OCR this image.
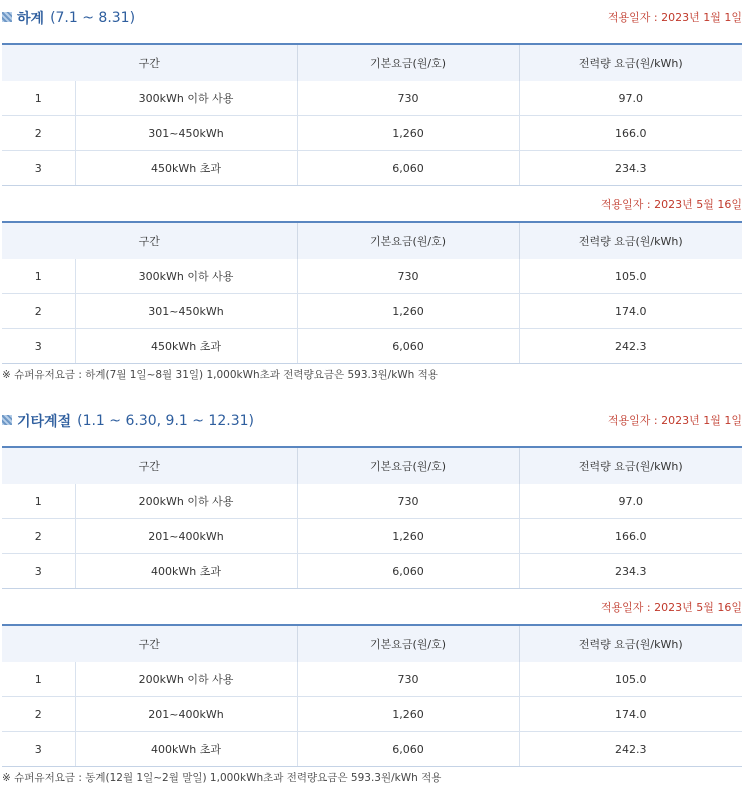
하계 (7.1 ~ 8.31)	적용일자 : 2023년 1월 1일
구간		기본요금(원/호)	전력량 요금(원/kWh)
1	300kWh 이하 사용	730	97.0
2	301~450kWh	1,260	166.0
3	450kWh 초과	6,060	234.3
적용일자 : 2023년 5월 16일
구간		기본요금(원/호)	전력량 요금(원/kWh)
1	300kWh 이하 사용	730	105.0
2	301~450kWh	1,260	174.0
3	450kWh 초과	6,060	242.3
※ 슈퍼유저요금 : 하계(7월 1일~8월 31일) 1,000kWh초과 전력량요금은 593.3원/kWh 적용
기타계절 (1.1 ~ 6.30, 9.1 ~ 12.31)	적용일자 : 2023년 1월 1일
구간		기본요금(원/호)	전력량 요금(원/kWh)
1	200kWh 이하 사용	730	97.0
2	201~400kWh	1,260	166.0
3	400kWh 초과	6,060	234.3
적용일자 : 2023년 5월 16일
구간		기본요금(원/호)	전력량 요금(원/kWh)
1	200kWh 이하 사용	730	105.0
2	201~400kWh	1,260	174.0
3	400kWh 초과	6,060	242.3
※ 슈퍼유저요금 : 동계(12월 1일~2월 말일) 1,000kWh초과 전력량요금은 593.3원/kWh 적용
